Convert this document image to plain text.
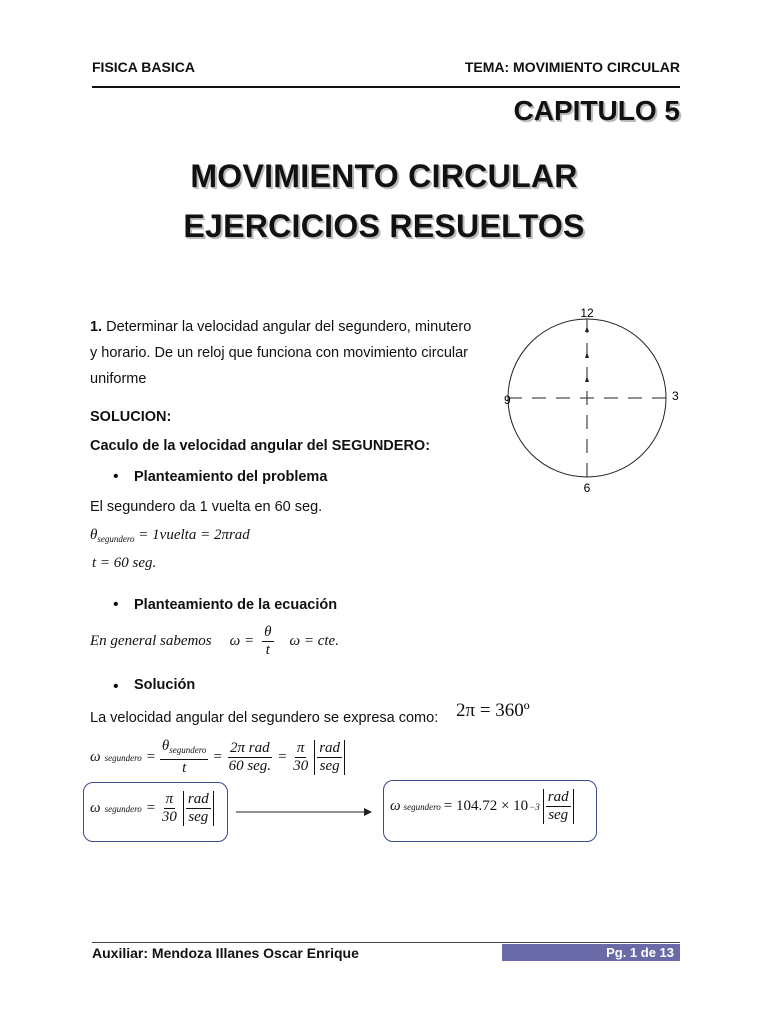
FISICA BASICA	TEMA: MOVIMIENTO CIRCULAR
CAPITULO 5
MOVIMIENTO CIRCULAR
EJERCICIOS RESUELTOS
1. Determinar la velocidad angular del segundero, minutero
y horario. De un reloj que funciona con movimiento circular
uniforme
12
3
6
9
SOLUCION:
Caculo de la velocidad angular del SEGUNDERO:
• Planteamiento del problema
El segundero da 1 vuelta en 60 seg.
$\theta_{segundero}$ = 1vuelta = 2πrad
t = 60 seg.
• Planteamiento de la ecuación
En general sabemos $\omega = \frac{\theta}{t}$ ω = cte.
• Solución
La velocidad angular del segundero se expresa como: 2π = 360º
ω segundero = $\frac{\theta_{segundero}}{t} = \frac{\text{2π rad}}{\text{60 seg.}} = \frac{\pi}{30} \frac{\text{rad}}{\text{seg}}$
ω segundero = $\frac{\pi}{30} \frac{\text{rad}}{\text{seg}}$	ω segundero = $104.72 \times 10 -3 \frac{\text{rad}}{\text{seg}}$
Auxiliar: Mendoza Illanes Oscar Enrique	Pg. 1 de 13
